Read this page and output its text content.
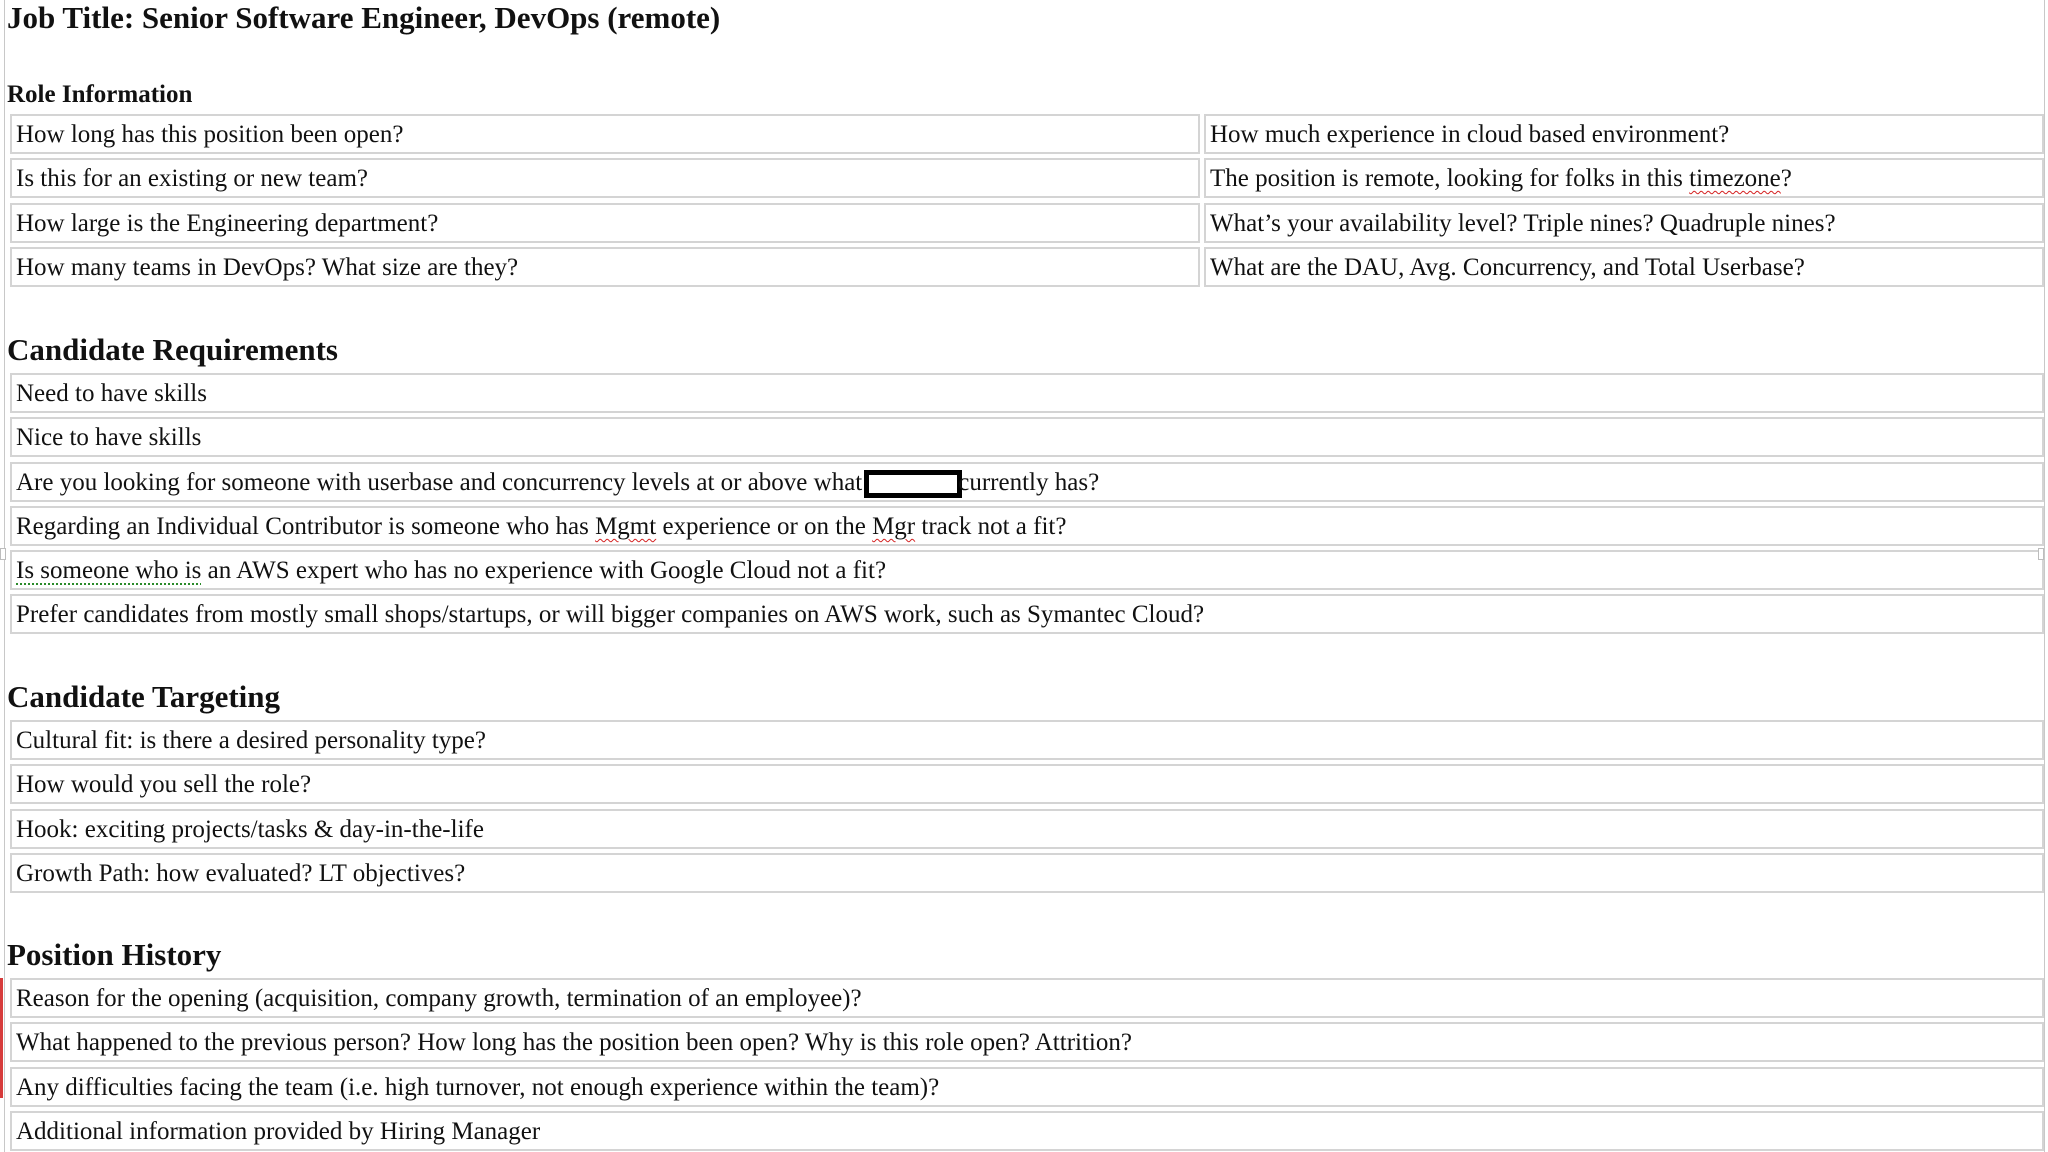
Job Title: Senior Software Engineer, DevOps (remote)
Role Information
How long has this position been open?	How much experience in cloud based environment?
Is this for an existing or new team?	The position is remote, looking for folks in this timezone?
How large is the Engineering department?	What’s your availability level? Triple nines? Quadruple nines?
How many teams in DevOps? What size are they?	What are the DAU, Avg. Concurrency, and Total Userbase?
Candidate Requirements
Need to have skills
Nice to have skills
Are you looking for someone with userbase and concurrency levels at or above what	currently has?
Regarding an Individual Contributor is someone who has Mgmt experience or on the Mgr track not a fit?
Is someone who is an AWS expert who has no experience with Google Cloud not a fit?
Prefer candidates from mostly small shops/startups, or will bigger companies on AWS work, such as Symantec Cloud?
Candidate Targeting
Cultural fit: is there a desired personality type?
How would you sell the role?
Hook: exciting projects/tasks & day-in-the-life
Growth Path: how evaluated? LT objectives?
Position History
Reason for the opening (acquisition, company growth, termination of an employee)?
What happened to the previous person? How long has the position been open? Why is this role open? Attrition?
Any difficulties facing the team (i.e. high turnover, not enough experience within the team)?
Additional information provided by Hiring Manager
